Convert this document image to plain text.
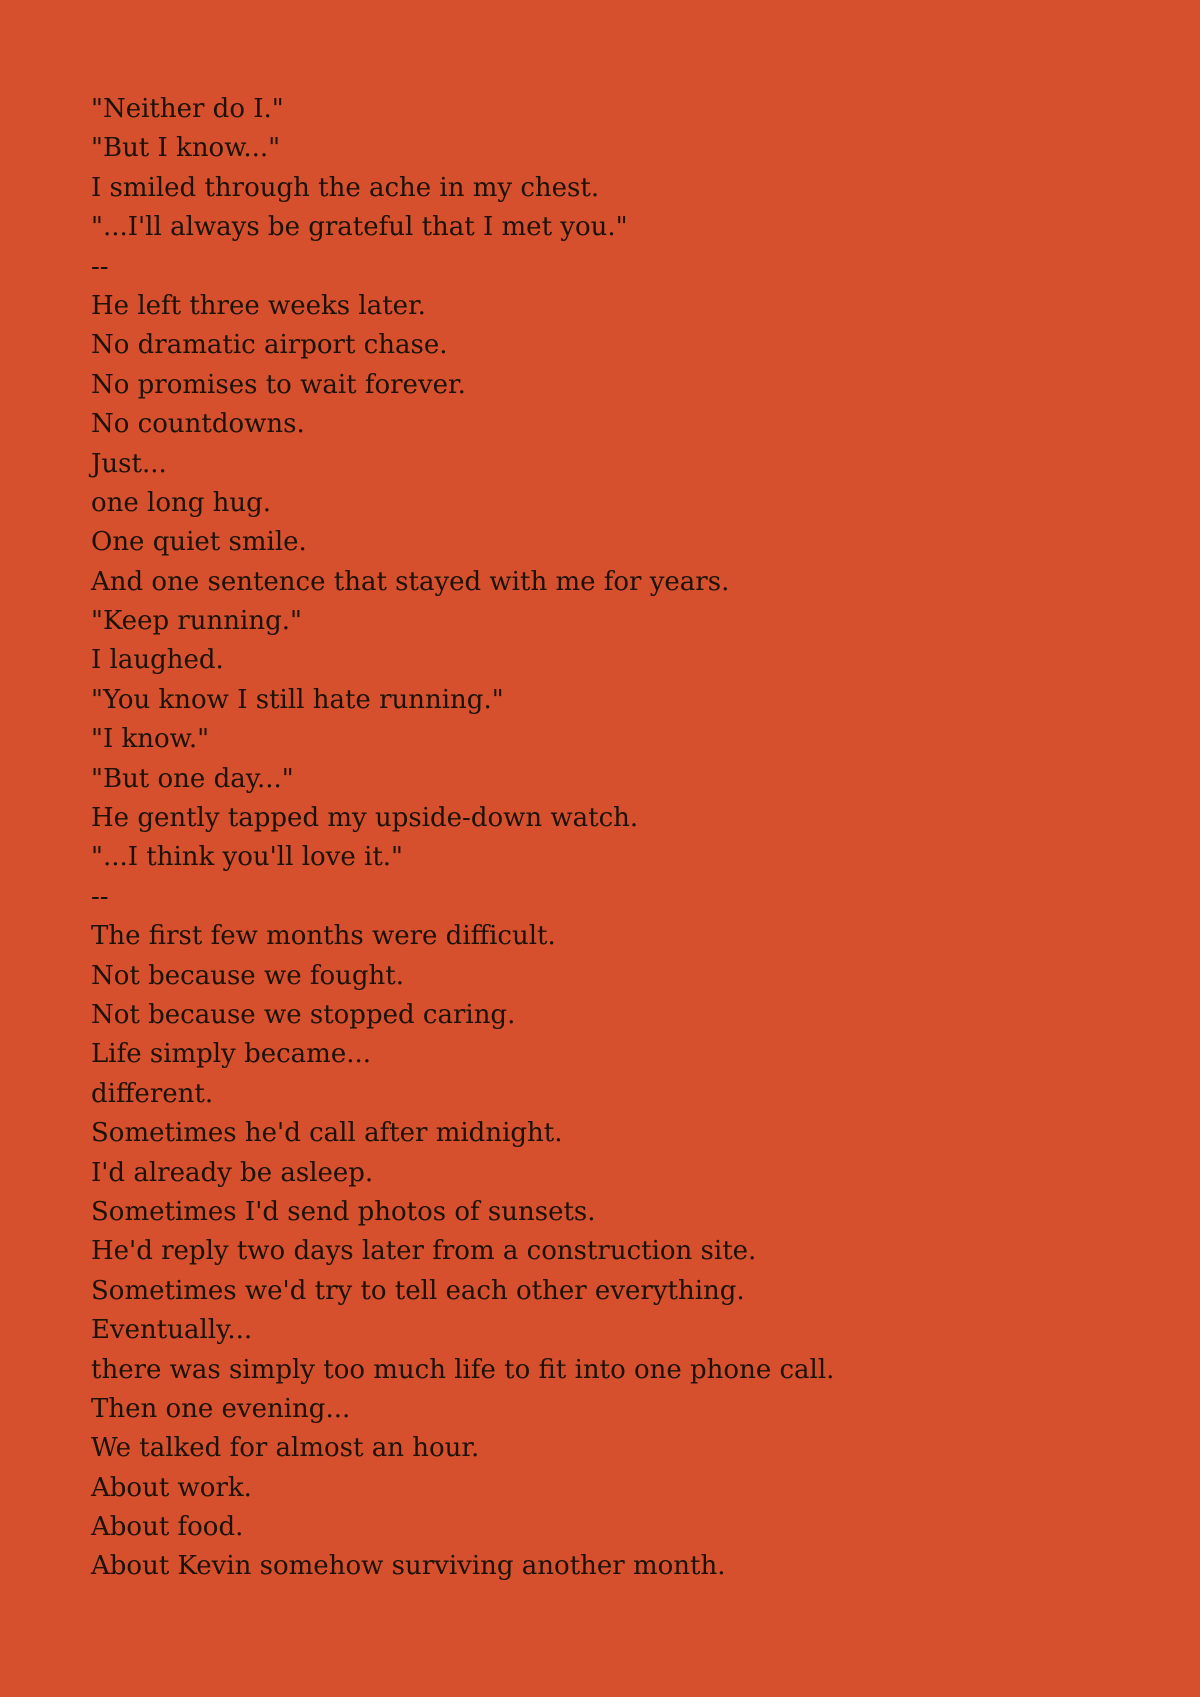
"Neither do I."
"But I know..."
I smiled through the ache in my chest.
"...I'll always be grateful that I met you."
--
He left three weeks later.
No dramatic airport chase.
No promises to wait forever.
No countdowns.
Just...
one long hug.
One quiet smile.
And one sentence that stayed with me for years.
"Keep running."
I laughed.
"You know I still hate running."
"I know."
"But one day..."
He gently tapped my upside-down watch.
"...I think you'll love it."
--
The first few months were difficult.
Not because we fought.
Not because we stopped caring.
Life simply became...
different.
Sometimes he'd call after midnight.
I'd already be asleep.
Sometimes I'd send photos of sunsets.
He'd reply two days later from a construction site.
Sometimes we'd try to tell each other everything.
Eventually...
there was simply too much life to fit into one phone call.
Then one evening...
We talked for almost an hour.
About work.
About food.
About Kevin somehow surviving another month.
